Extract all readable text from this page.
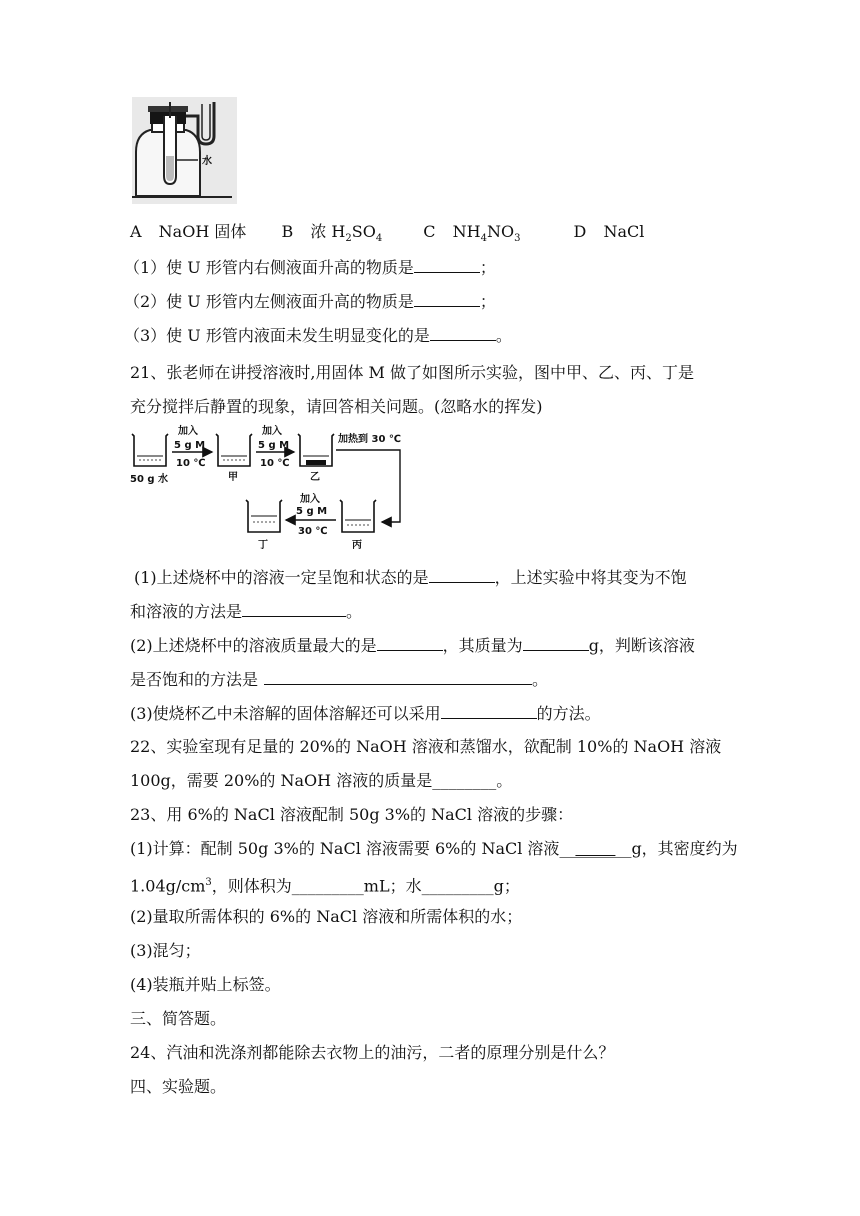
水
A NaOH 固体 B 浓 $H_2SO_4$	C $NH_4NO_3$	D NaCl
（1）使 U 形管内右侧液面升高的物质是	；
（2）使 U 形管内左侧液面升高的物质是	；
（3）使 U 形管内液面未发生明显变化的是	。
21、张老师在讲授溶液时,用固体 M 做了如图所示实验，图中甲、乙、丙、丁是
充分搅拌后静置的现象，请回答相关问题。(忽略水的挥发)
50 g 水
加入
5 g M
10 ℃
甲
加入
5 g M
10 ℃
乙
加热到 30 ℃
丙
加入
5 g M
30 ℃
丁
(1)上述烧杯中的溶液一定呈饱和状态的是	，上述实验中将其变为不饱
和溶液的方法是	。
(2)上述烧杯中的溶液质量最大的是	，其质量为	g，判断该溶液
是否饱和的方法是	。
(3)使烧杯乙中未溶解的固体溶解还可以采用	的方法。
22、实验室现有足量的 20%的 NaOH 溶液和蒸馏水，欲配制 10%的 NaOH 溶液
100g，需要 20%的 NaOH 溶液的质量是________。
23、用 6%的 NaCl 溶液配制 50g 3%的 NaCl 溶液的步骤：
(1)计算：配制 50g 3%的 NaCl 溶液需要 6%的 NaCl 溶液_________g，其密度约为
$1.04g/cm^3$，则体积为_________mL；水_________g；
(2)量取所需体积的 6%的 NaCl 溶液和所需体积的水；
(3)混匀；
(4)装瓶并贴上标签。
三、简答题。
24、汽油和洗涤剂都能除去衣物上的油污，二者的原理分别是什么？
四、实验题。
